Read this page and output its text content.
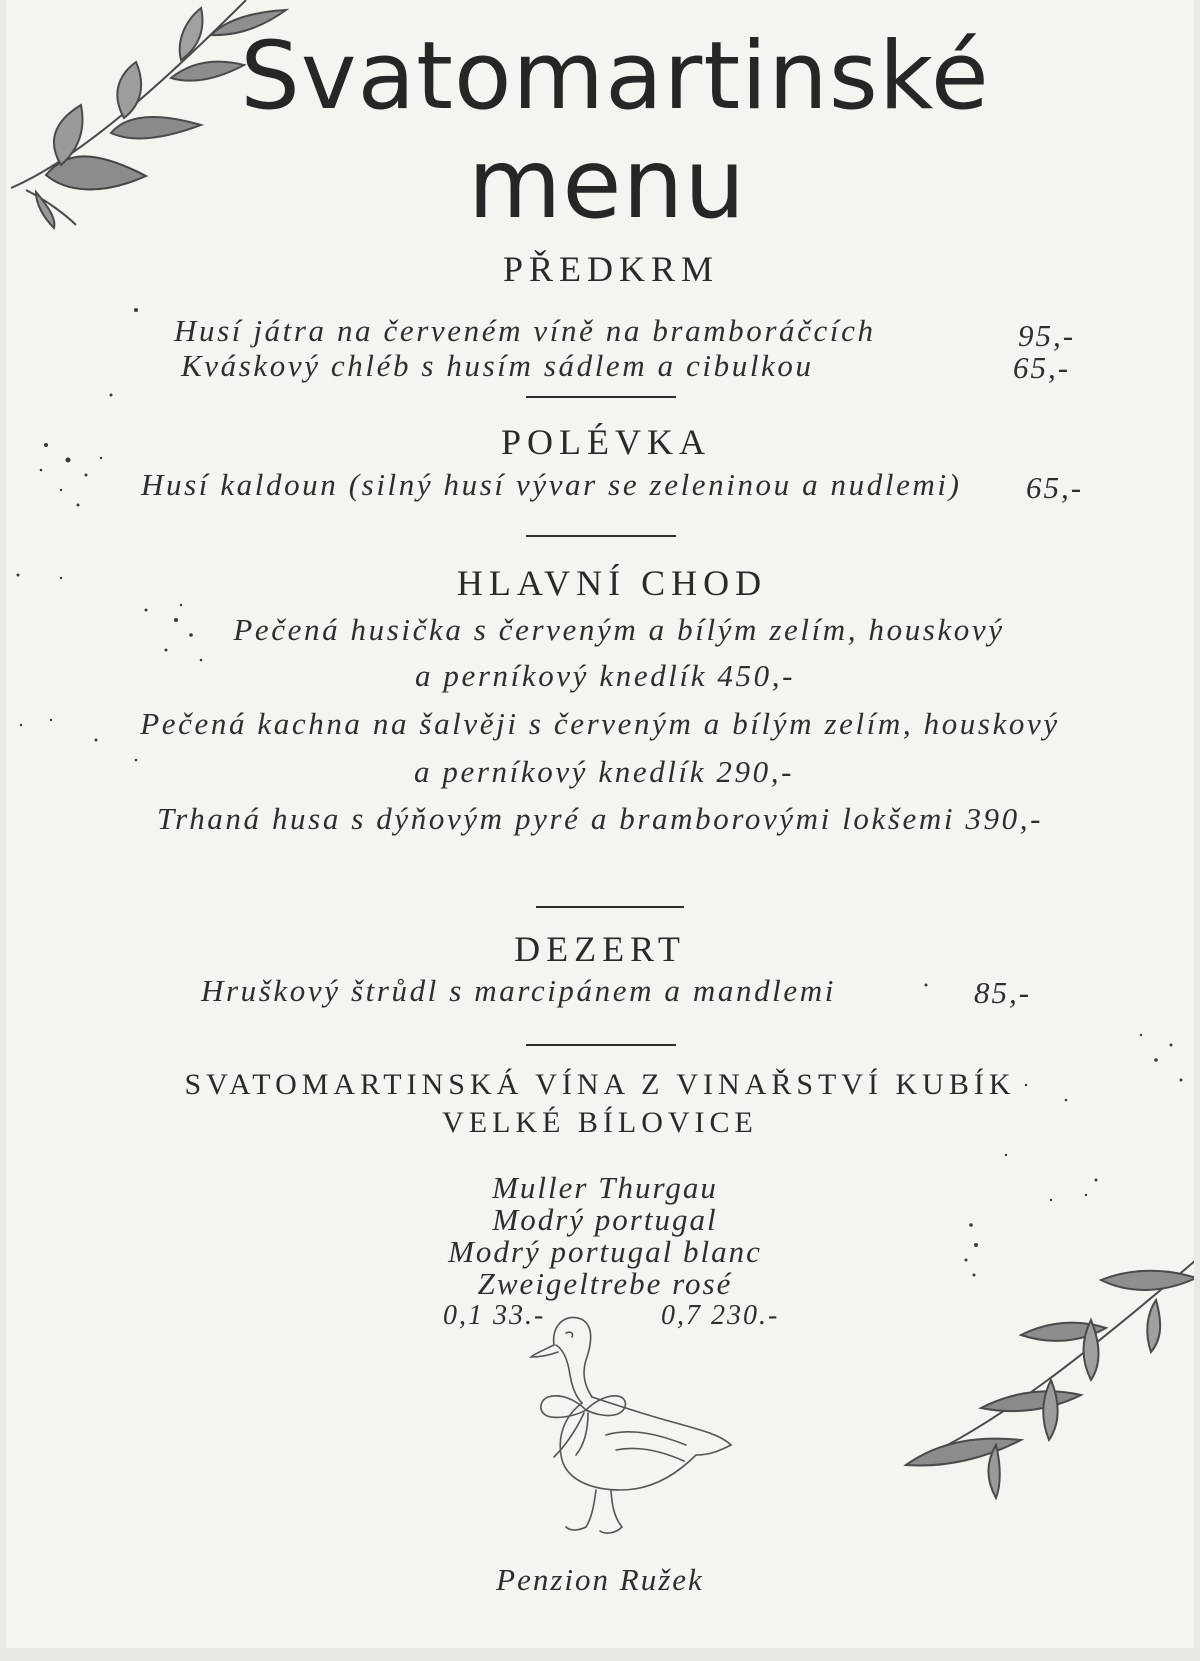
Svatomartinské
menu
PŘEDKRM
Husí játra na červeném víně na bramboráčcích	95,-
Kváskový chléb s husím sádlem a cibulkou	65,-
POLÉVKA
Husí kaldoun (silný husí vývar se zeleninou a nudlemi) 65,-
HLAVNÍ CHOD
Pečená husička s červeným a bílým zelím, houskový
a perníkový knedlík 450,-
Pečená kachna na šalvěji s červeným a bílým zelím, houskový
a perníkový knedlík 290,-
Trhaná husa s dýňovým pyré a bramborovými lokšemi 390,-
DEZERT
Hruškový štrůdl s marcipánem a mandlemi	85,-
SVATOMARTINSKÁ VÍNA Z VINAŘSTVÍ KUBÍK
VELKÉ BÍLOVICE
Muller Thurgau
Modrý portugal
Modrý portugal blanc
Zweigeltrebe rosé
0,1 33.-	0,7 230.-
Penzion Ružek
